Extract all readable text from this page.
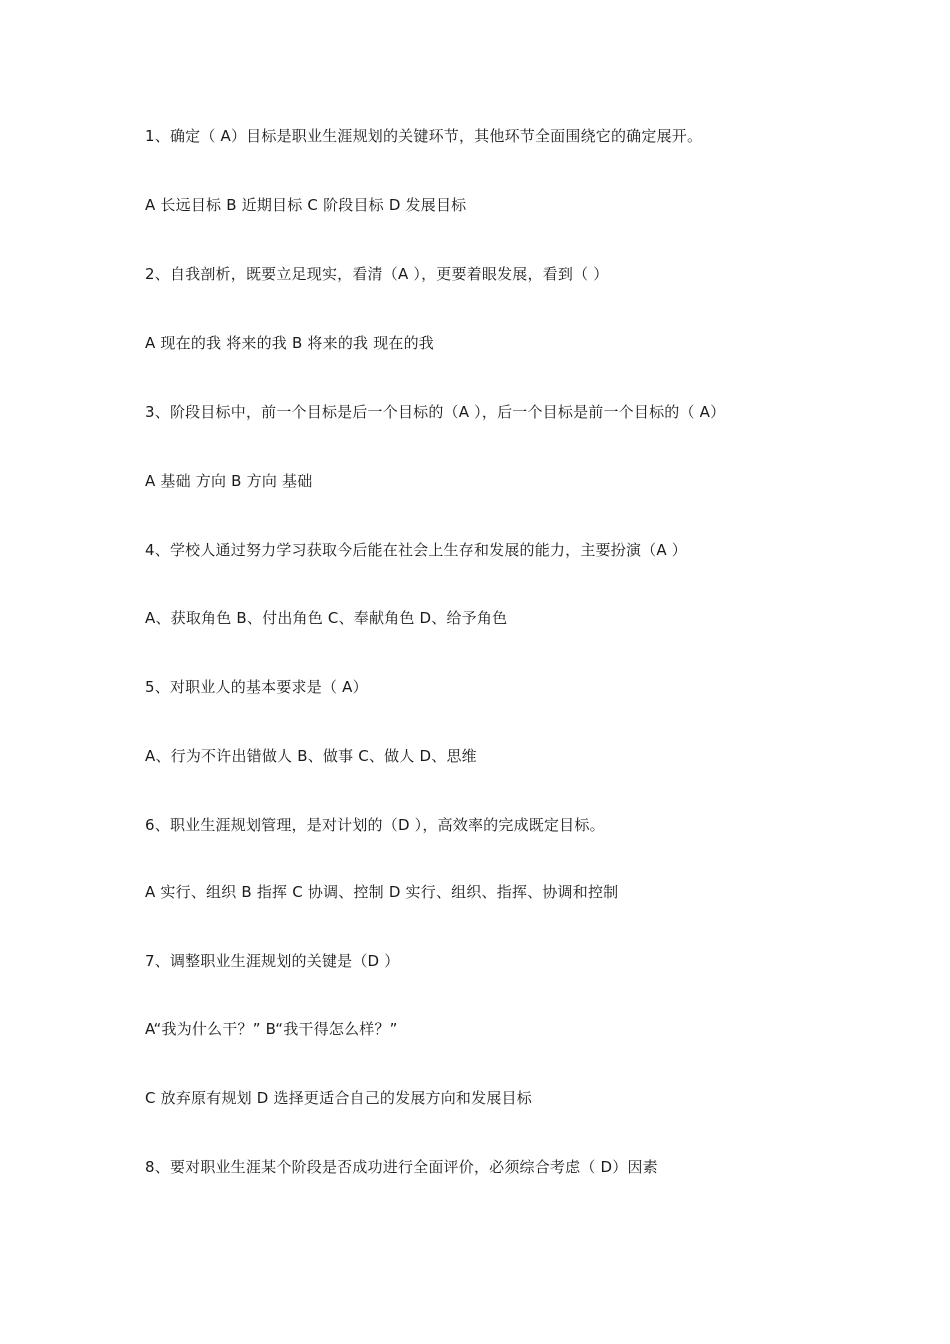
1、确定（ A）目标是职业生涯规划的关键环节，其他环节全面围绕它的确定展开。
A 长远目标 B 近期目标 C 阶段目标 D 发展目标
2、自我剖析，既要立足现实，看清（A ），更要着眼发展，看到（ ）
A 现在的我 将来的我 B 将来的我 现在的我
3、阶段目标中，前一个目标是后一个目标的（A ），后一个目标是前一个目标的（ A）
A 基础 方向 B 方向 基础
4、学校人通过努力学习获取今后能在社会上生存和发展的能力，主要扮演（A ）
A、获取角色 B、付出角色 C、奉献角色 D、给予角色
5、对职业人的基本要求是（ A）
A、行为不许出错做人 B、做事 C、做人 D、思维
6、职业生涯规划管理，是对计划的（D ），高效率的完成既定目标。
A 实行、组织 B 指挥 C 协调、控制 D 实行、组织、指挥、协调和控制
7、调整职业生涯规划的关键是（D ）
A“我为什么干？” B“我干得怎么样？”
C 放弃原有规划 D 选择更适合自己的发展方向和发展目标
8、要对职业生涯某个阶段是否成功进行全面评价，必须综合考虑（ D）因素
